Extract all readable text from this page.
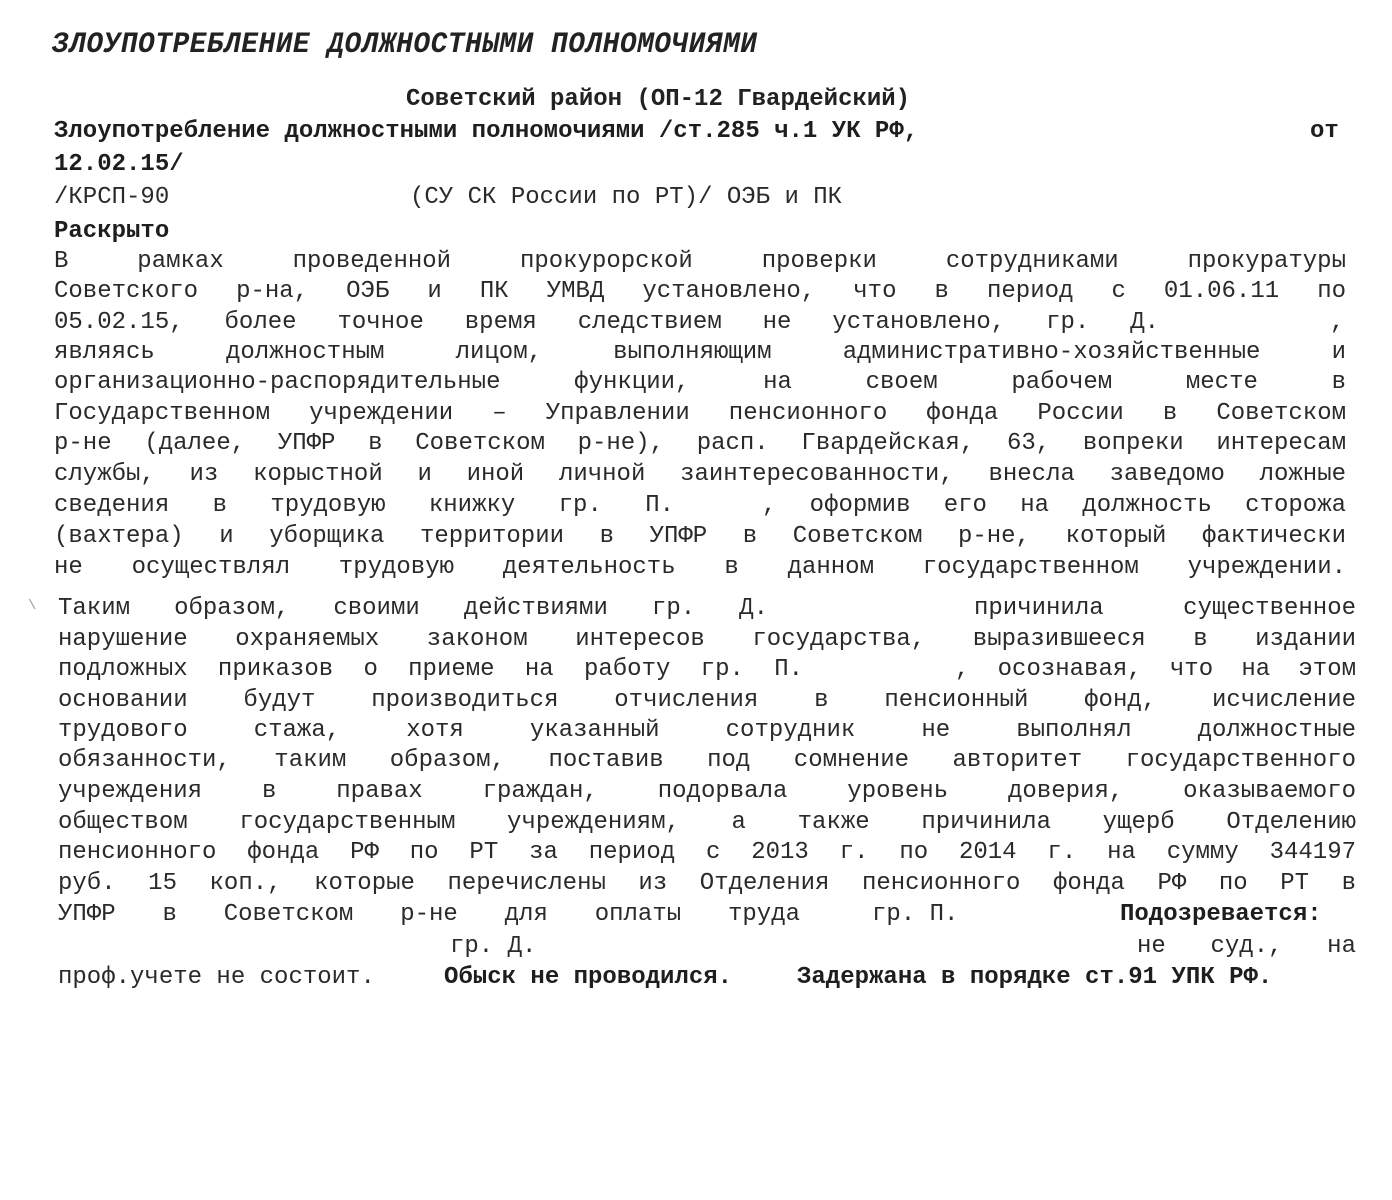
ЗЛОУПОТРЕБЛЕНИЕ ДОЛЖНОСТНЫМИ ПОЛНОМОЧИЯМИ
Советский район (ОП-12 Гвардейский)
Злоупотребление должностными полномочиями /ст.285 ч.1 УК РФ,	от
12.02.15/
/КРСП-90	(СУ СК России по РТ)/ ОЭБ и ПК
Раскрыто
В рамках проведенной прокурорской проверки сотрудниками прокуратуры
Советского р-на, ОЭБ и ПК УМВД установлено, что в период с 01.06.11 по
05.02.15, более точное время следствием не установлено, гр. Д.	,
являясь должностным лицом, выполняющим административно-хозяйственные и
организационно-распорядительные функции, на своем рабочем месте в
Государственном учреждении – Управлении пенсионного фонда России в Советском
р-не (далее, УПФР в Советском р-не), расп. Гвардейская, 63, вопреки интересам
службы, из корыстной и иной личной заинтересованности, внесла заведомо ложные
сведения в трудовую книжку гр. П.	, оформив его на должность сторожа
(вахтера) и уборщика территории в УПФР в Советском р-не, который фактически
не осуществлял трудовую деятельность в данном государственном учреждении.
\ Таким образом, своими действиями гр. Д.	причинила существенное
нарушение охраняемых законом интересов государства, выразившееся в издании
подложных приказов о приеме на работу гр. П.	, осознавая, что на этом
основании будут производиться отчисления в пенсионный фонд, исчисление
трудового стажа, хотя указанный сотрудник не выполнял должностные
обязанности, таким образом, поставив под сомнение авторитет государственного
учреждения в правах граждан, подорвала уровень доверия, оказываемого
обществом государственным учреждениям, а также причинила ущерб Отделению
пенсионного фонда РФ по РТ за период с 2013 г. по 2014 г. на сумму 344197
руб. 15 коп., которые перечислены из Отделения пенсионного фонда РФ по РТ в
УПФР в Советском р-не для оплаты труда	гр. П.	Подозревается:
гр. Д.	не суд., на
проф.учете не состоит.	Обыск не проводился.	Задержана в порядке ст.91 УПК РФ.
